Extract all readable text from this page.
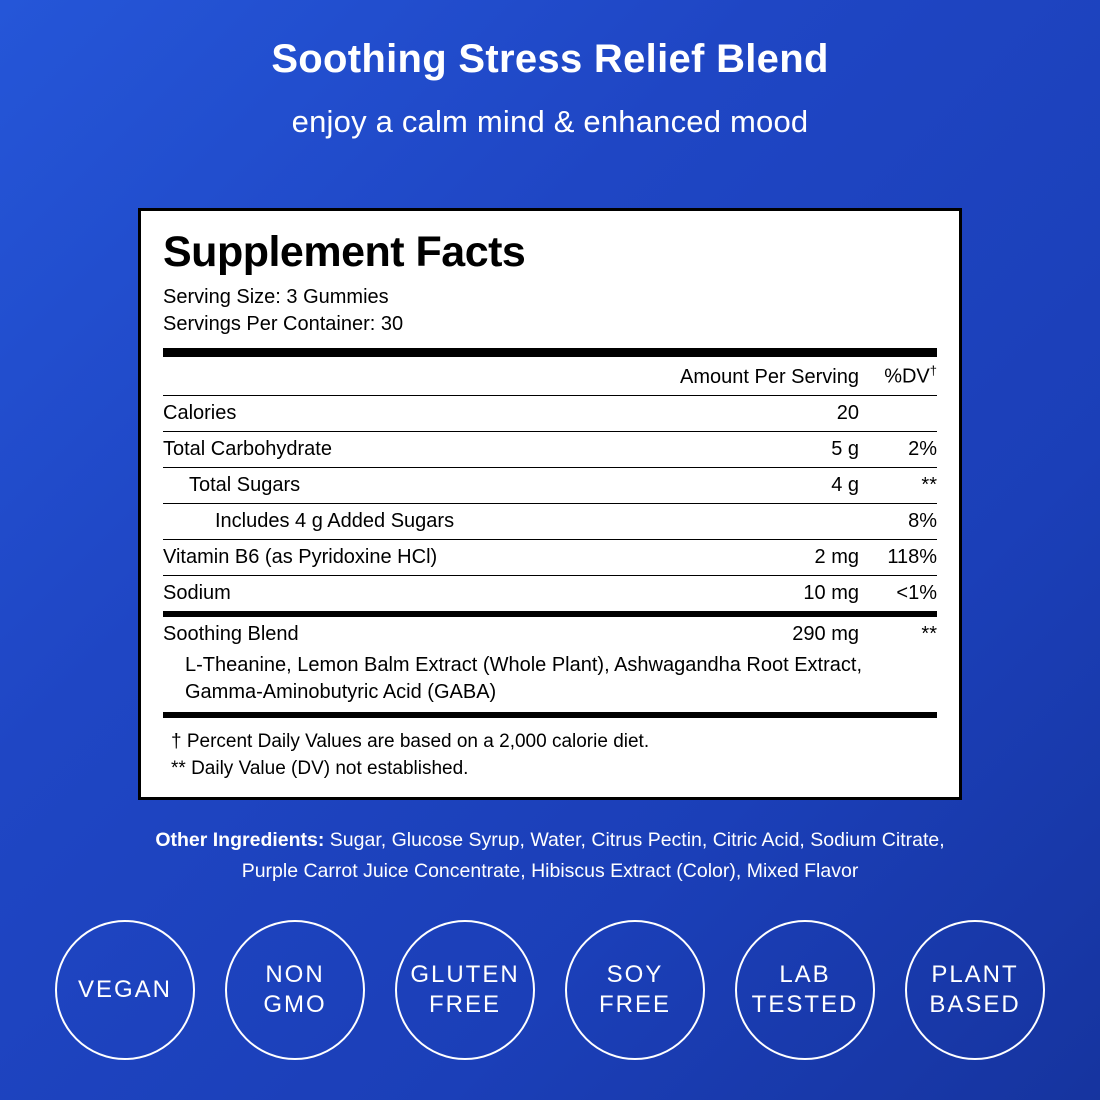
Soothing Stress Relief Blend

enjoy a calm mind & enhanced mood

Supplement Facts
Serving Size: 3 Gummies
Servings Per Container: 30
	Amount Per Serving	%DV†
Calories	20	
Total Carbohydrate	5 g	2%
Total Sugars	4 g	**
Includes 4 g Added Sugars		8%
Vitamin B6 (as Pyridoxine HCl)	2 mg	118%
Sodium	10 mg	<1%
Soothing Blend	290 mg	**
L-Theanine, Lemon Balm Extract (Whole Plant), Ashwagandha Root Extract, Gamma-Aminobutyric Acid (GABA)
† Percent Daily Values are based on a 2,000 calorie diet.
** Daily Value (DV) not established.
Other Ingredients: Sugar, Glucose Syrup, Water, Citrus Pectin, Citric Acid, Sodium Citrate, Purple Carrot Juice Concentrate, Hibiscus Extract (Color), Mixed Flavor
VEGAN
NON
GMO
GLUTEN
FREE
SOY
FREE
LAB
TESTED
PLANT
BASED
